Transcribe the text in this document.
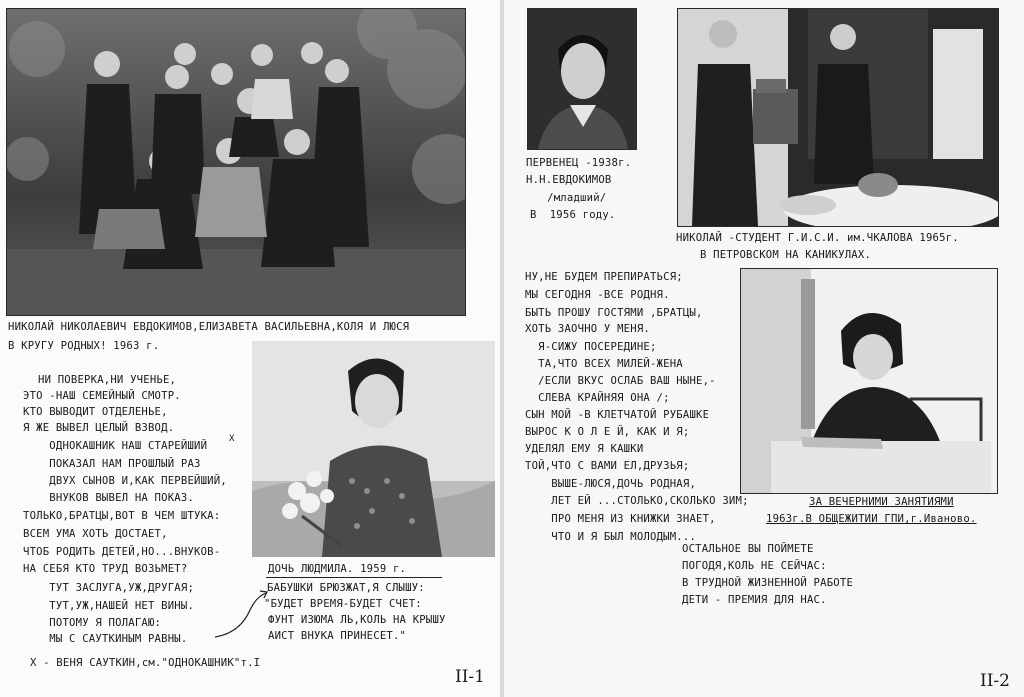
НИКОЛАЙ НИКОЛАЕВИЧ ЕВДОКИМОВ,ЕЛИЗАВЕТА ВАСИЛЬЕВНА,КОЛЯ И ЛЮСЯ
В КРУГУ РОДНЫХ! 1963 г.
НИ ПОВЕРКА,НИ УЧЕНЬЕ,
ЭТО -НАШ СЕМЕЙНЫЙ СМОТР.
КТО ВЫВОДИТ ОТДЕЛЕНЬЕ,
Я ЖЕ ВЫВЕЛ ЦЕЛЫЙ ВЗВОД.
ОДНОКАШНИК НАШ СТАРЕЙШИЙ
Х
ПОКАЗАЛ НАМ ПРОШЛЫЙ РАЗ
ДВУХ СЫНОВ И,КАК ПЕРВЕЙШИЙ,
ВНУКОВ ВЫВЕЛ НА ПОКАЗ.
ТОЛЬКО,БРАТЦЫ,ВОТ В ЧЕМ ШТУКА:
ВСЕМ УМА ХОТЬ ДОСТАЕТ,
ЧТОБ РОДИТЬ ДЕТЕЙ,НО...ВНУКОВ-
НА СЕБЯ КТО ТРУД ВОЗЬМЕТ?
ТУТ ЗАСЛУГА,УЖ,ДРУГАЯ;
ТУТ,УЖ,НАШЕЙ НЕТ ВИНЫ.
ПОТОМУ Я ПОЛАГАЮ:
МЫ С САУТКИНЫМ РАВНЫ.
ДОЧЬ ЛЮДМИЛА. 1959 г.
БАБУШКИ БРЮЗЖАТ,Я СЛЫШУ:
"БУДЕТ ВРЕМЯ-БУДЕТ СЧЕТ:
ФУНТ ИЗЮМА ЛЬ,КОЛЬ НА КРЫШУ
АИСТ ВНУКА ПРИНЕСЕТ."
Х - ВЕНЯ САУТКИН,см."ОДНОКАШНИК"т.I
II-1
ПЕРВЕНЕЦ -1938г.
Н.Н.ЕВДОКИМОВ
/младший/
В  1956 году.
НИКОЛАЙ -СТУДЕНТ Г.И.С.И. им.ЧКАЛОВА 1965г.
В ПЕТРОВСКОМ НА КАНИКУЛАХ.
НУ,НЕ БУДЕМ ПРЕПИРАТЬСЯ;
МЫ СЕГОДНЯ -ВСЕ РОДНЯ.
БЫТЬ ПРОШУ ГОСТЯМИ ,БРАТЦЫ,
ХОТЬ ЗАОЧНО У МЕНЯ.
Я-СИЖУ ПОСЕРЕДИНЕ;
ТА,ЧТО ВСЕХ МИЛЕЙ-ЖЕНА
/ЕСЛИ ВКУС ОСЛАБ ВАШ НЫНЕ,-
СЛЕВА КРАЙНЯЯ ОНА /;
СЫН МОЙ -В КЛЕТЧАТОЙ РУБАШКЕ
ВЫРОС К О Л Е Й, КАК И Я;
УДЕЛЯЛ ЕМУ Я КАШКИ
ТОЙ,ЧТО С ВАМИ ЕЛ,ДРУЗЬЯ;
ВЫШЕ-ЛЮСЯ,ДОЧЬ РОДНАЯ,
ЛЕТ ЕЙ ...СТОЛЬКО,СКОЛЬКО ЗИМ;
ПРО МЕНЯ ИЗ КНИЖКИ ЗНАЕТ,
ЧТО И Я БЫЛ МОЛОДЫМ...
ЗА ВЕЧЕРНИМИ ЗАНЯТИЯМИ
1963г.В ОБЩЕЖИТИИ ГПИ,г.Иваново.
ОСТАЛЬНОЕ ВЫ ПОЙМЕТЕ
ПОГОДЯ,КОЛЬ НЕ СЕЙЧАС:
В ТРУДНОЙ ЖИЗНЕННОЙ РАБОТЕ
ДЕТИ - ПРЕМИЯ ДЛЯ НАС.
II-2
